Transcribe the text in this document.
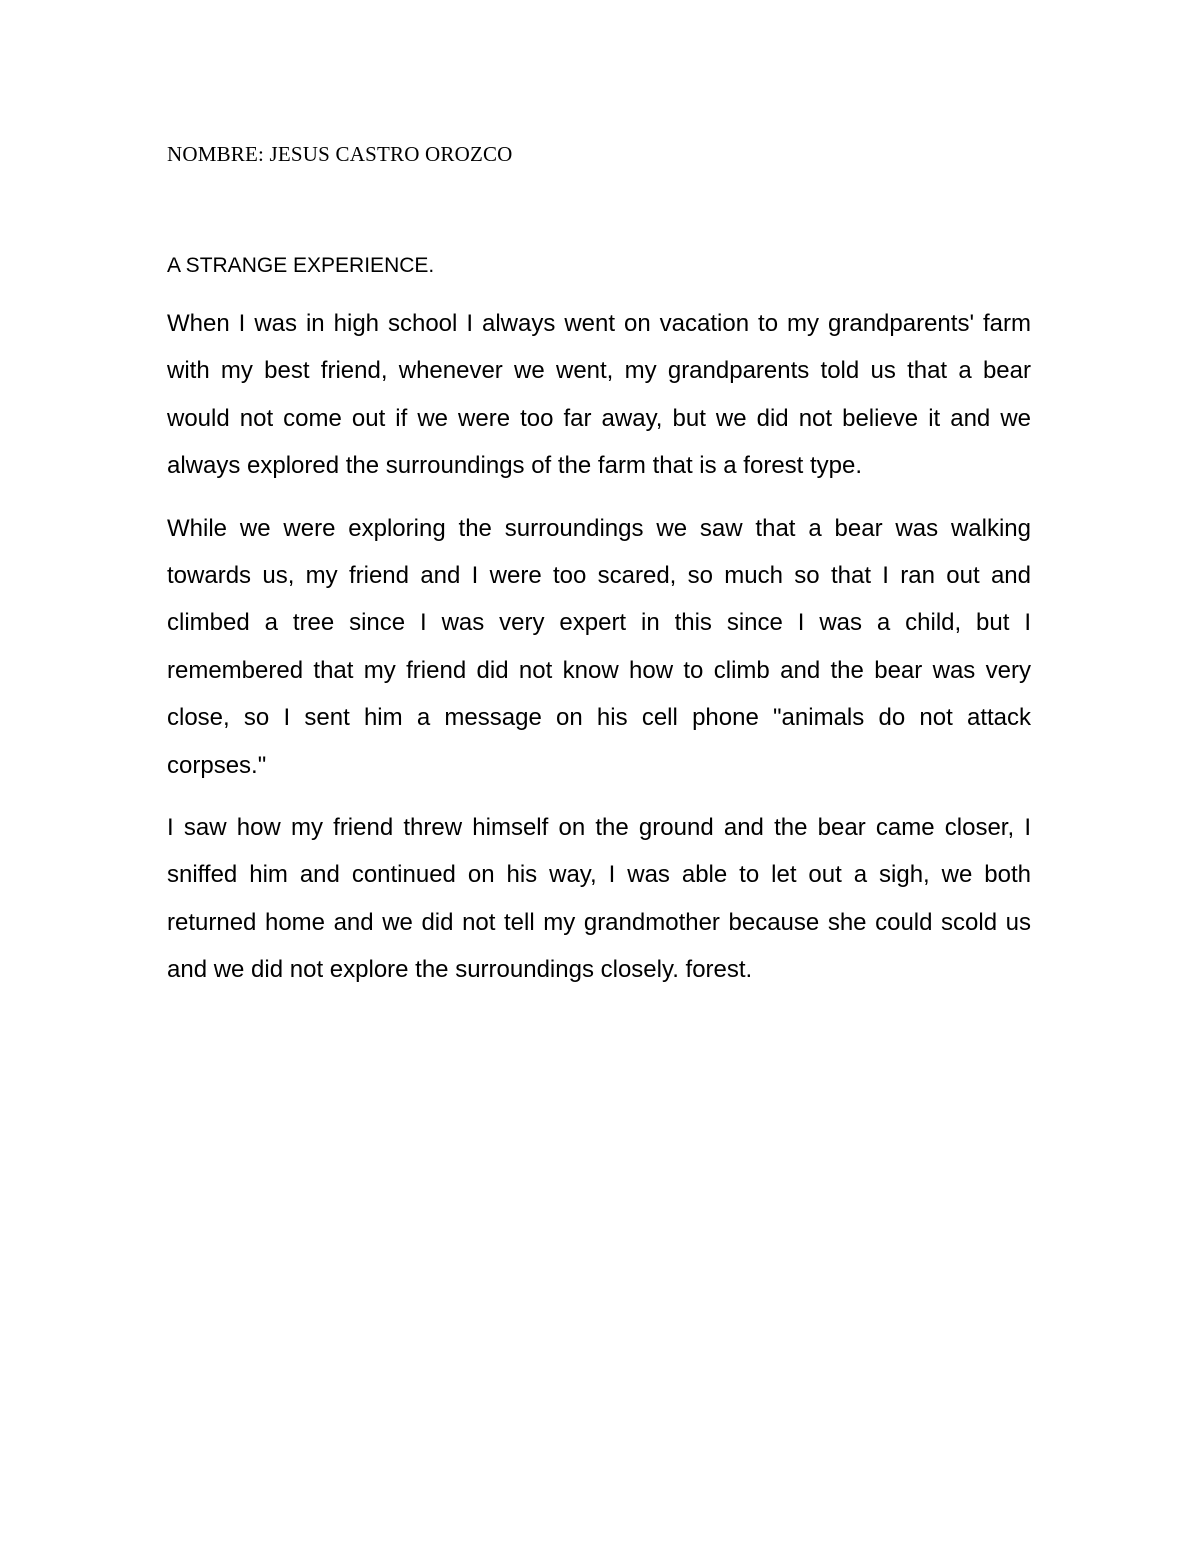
NOMBRE: JESUS CASTRO OROZCO

A STRANGE EXPERIENCE.

When I was in high school I always went on vacation to my grandparents' farm with my best friend, whenever we went, my grandparents told us that a bear would not come out if we were too far away, but we did not believe it and we always explored the surroundings of the farm that is a forest type.

While we were exploring the surroundings we saw that a bear was walking towards us, my friend and I were too scared, so much so that I ran out and climbed a tree since I was very expert in this since I was a child, but I remembered that my friend did not know how to climb and the bear was very close, so I sent him a message on his cell phone "animals do not attack corpses."

I saw how my friend threw himself on the ground and the bear came closer, I sniffed him and continued on his way, I was able to let out a sigh, we both returned home and we did not tell my grandmother because she could scold us and we did not explore the surroundings closely. forest.
